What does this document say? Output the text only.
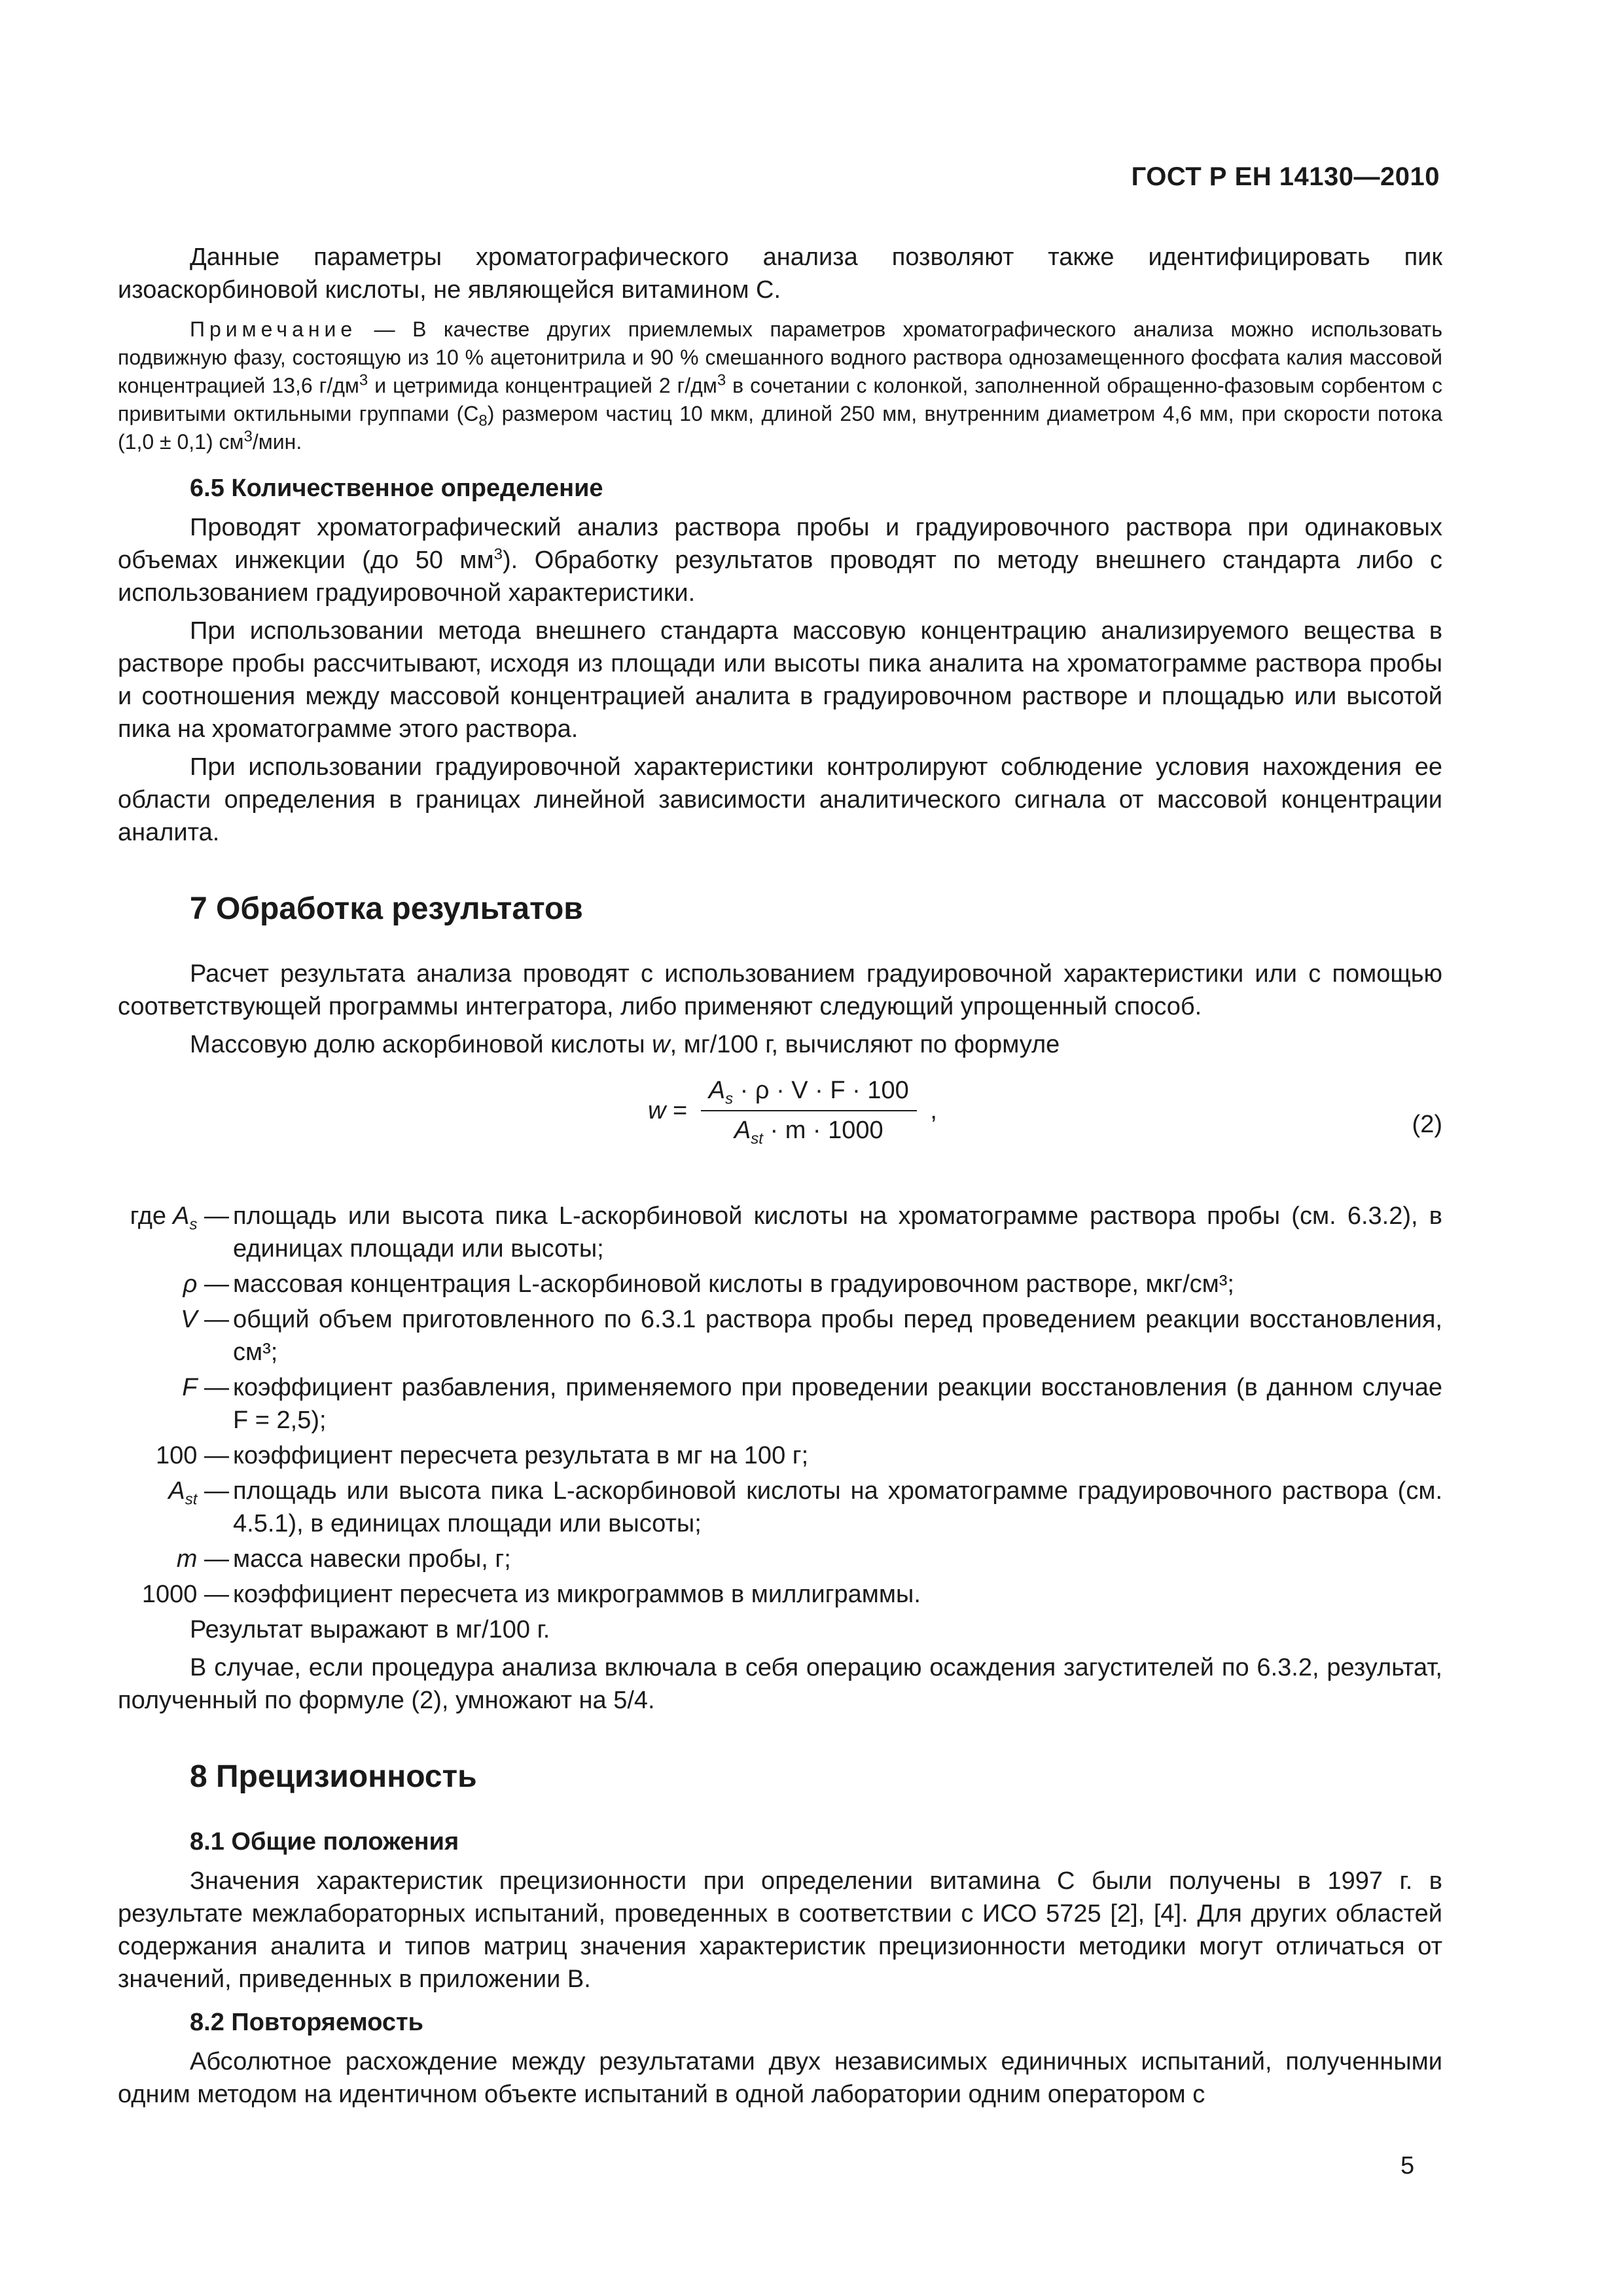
ГОСТ Р ЕН 14130—2010

Данные параметры хроматографического анализа позволяют также идентифицировать пик изоаскорбиновой кислоты, не являющейся витамином С.

Примечание — В качестве других приемлемых параметров хроматографического анализа можно использовать подвижную фазу, состоящую из 10 % ацетонитрила и 90 % смешанного водного раствора однозамещенного фосфата калия массовой концентрацией 13,6 $г/дм^3$ и цетримида концентрацией 2 $г/дм^3$ в сочетании с колонкой, заполненной обращенно-фазовым сорбентом с привитыми октильными группами $(C_8)$ размером частиц 10 мкм, длиной 250 мм, внутренним диаметром 4,6 мм, при скорости потока (1,0 ± 0,1) $см^3$/мин.

6.5 Количественное определение

Проводят хроматографический анализ раствора пробы и градуировочного раствора при одинаковых объемах инжекции (до 50 $мм^3$). Обработку результатов проводят по методу внешнего стандарта либо с использованием градуировочной характеристики.

При использовании метода внешнего стандарта массовую концентрацию анализируемого вещества в растворе пробы рассчитывают, исходя из площади или высоты пика аналита на хроматограмме раствора пробы и соотношения между массовой концентрацией аналита в градуировочном растворе и площадью или высотой пика на хроматограмме этого раствора.

При использовании градуировочной характеристики контролируют соблюдение условия нахождения ее области определения в границах линейной зависимости аналитического сигнала от массовой концентрации аналита.

7 Обработка результатов

Расчет результата анализа проводят с использованием градуировочной характеристики или с помощью соответствующей программы интегратора, либо применяют следующий упрощенный способ.

Массовую долю аскорбиновой кислоты w, мг/100 г, вычисляют по формуле

$w = \frac{A_s \cdot \rho \cdot V \cdot F \cdot 100}{A_{st} \cdot m \cdot 1000}$ ,
(2)
где $A_s$ — площадь или высота пика L-аскорбиновой кислоты на хроматограмме раствора пробы (см. 6.3.2), в единицах площади или высоты;
ρ — массовая концентрация L-аскорбиновой кислоты в градуировочном растворе, мкг/см³;
V — общий объем приготовленного по 6.3.1 раствора пробы перед проведением реакции восстановления, см³;
F — коэффициент разбавления, применяемого при проведении реакции восстановления (в данном случае F = 2,5);
100 — коэффициент пересчета результата в мг на 100 г;
$A_{st}$ — площадь или высота пика L-аскорбиновой кислоты на хроматограмме градуировочного раствора (см. 4.5.1), в единицах площади или высоты;
m — масса навески пробы, г;
1000 — коэффициент пересчета из микрограммов в миллиграммы.

Результат выражают в мг/100 г.

В случае, если процедура анализа включала в себя операцию осаждения загустителей по 6.3.2, результат, полученный по формуле (2), умножают на 5/4.

8 Прецизионность
8.1 Общие положения

Значения характеристик прецизионности при определении витамина С были получены в 1997 г. в результате межлабораторных испытаний, проведенных в соответствии с ИСО 5725 [2], [4]. Для других областей содержания аналита и типов матриц значения характеристик прецизионности методики могут отличаться от значений, приведенных в приложении В.

8.2 Повторяемость

Абсолютное расхождение между результатами двух независимых единичных испытаний, полученными одним методом на идентичном объекте испытаний в одной лаборатории одним оператором с

5
